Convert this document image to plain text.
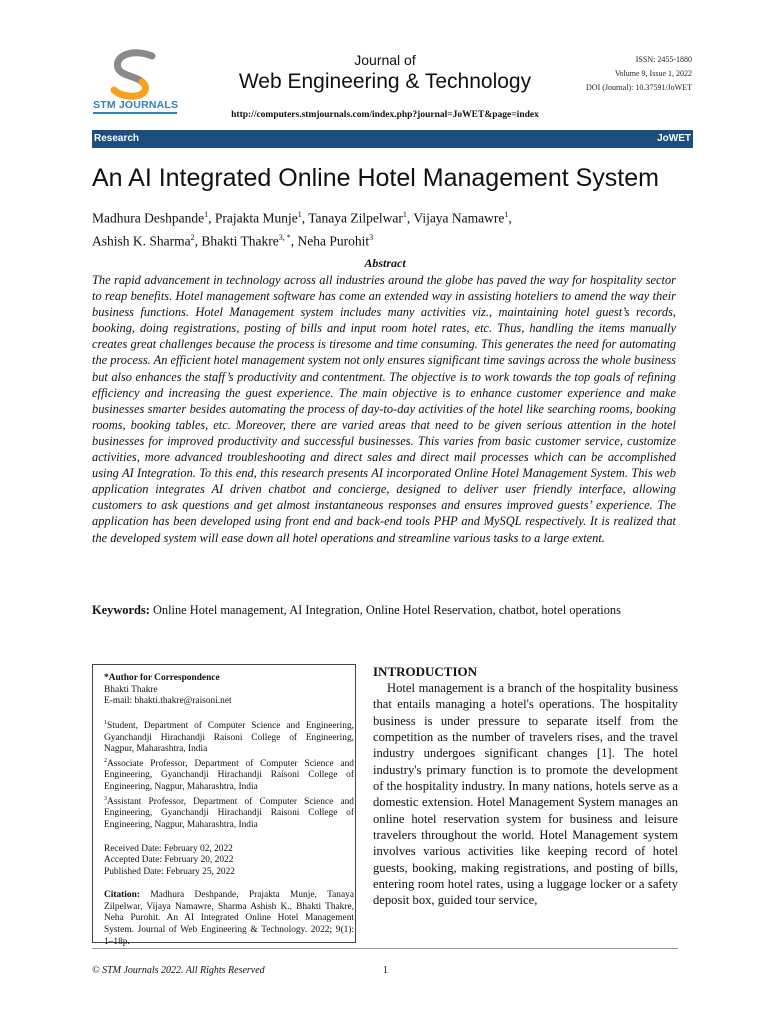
STM JOURNALS
Journal of
Web Engineering & Technology
ISSN: 2455-1880
Volume 9, Issue 1, 2022
DOI (Journal): 10.37591/JoWET
http://computers.stmjournals.com/index.php?journal=JoWET&page=index
Research	JoWET
An AI Integrated Online Hotel Management System
Madhura Deshpande$^1$, Prajakta Munje$^1$, Tanaya Zilpelwar$^1$, Vijaya Namawre$^1$,
Ashish K. Sharma$^2$, Bhakti Thakre$^{3, *}$, Neha Purohit$^3$
Abstract
The rapid advancement in technology across all industries around the globe has paved the way for hospitality sector to reap benefits. Hotel management software has come an extended way in assisting hoteliers to amend the way their business functions. Hotel Management system includes many activities viz., maintaining hotel guest’s records, booking, doing registrations, posting of bills and input room hotel rates, etc. Thus, handling the items manually creates great challenges because the process is tiresome and time consuming. This generates the need for automating the process. An efficient hotel management system not only ensures significant time savings across the whole business but also enhances the staff’s productivity and contentment. The objective is to work towards the top goals of refining efficiency and increasing the guest experience. The main objective is to enhance customer experience and make businesses smarter besides automating the process of day-to-day activities of the hotel like searching rooms, booking rooms, booking tables, etc. Moreover, there are varied areas that need to be given serious attention in the hotel businesses for improved productivity and successful businesses. This varies from basic customer service, customize activities, more advanced troubleshooting and direct sales and direct mail processes which can be accomplished using AI Integration. To this end, this research presents AI incorporated Online Hotel Management System. This web application integrates AI driven chatbot and concierge, designed to deliver user friendly interface, allowing customers to ask questions and get almost instantaneous responses and ensures improved guests’ experience. The application has been developed using front end and back-end tools PHP and MySQL respectively. It is realized that the developed system will ease down all hotel operations and streamline various tasks to a large extent.
Keywords: Online Hotel management, AI Integration, Online Hotel Reservation, chatbot, hotel operations

*Author for Correspondence

Bhakti Thakre

E-mail: bhakti.thakre@raisoni.net

$^1$Student, Department of Computer Science and Engineering, Gyanchandji Hirachandji Raisoni College of Engineering, Nagpur, Maharashtra, India

$^2$Associate Professor, Department of Computer Science and Engineering, Gyanchandji Hirachandji Raisoni College of Engineering, Nagpur, Maharashtra, India

$^3$Assistant Professor, Department of Computer Science and Engineering, Gyanchandji Hirachandji Raisoni College of Engineering, Nagpur, Maharashtra, India

Received Date: February 02, 2022

Accepted Date: February 20, 2022

Published Date: February 25, 2022

Citation: Madhura Deshpande, Prajakta Munje, Tanaya Zilpelwar, Vijaya Namawre, Sharma Ashish K., Bhakti Thakre, Neha Purohit. An AI Integrated Online Hotel Management System. Journal of Web Engineering & Technology. 2022; 9(1): 1–18p.

INTRODUCTION
Hotel management is a branch of the hospitality business that entails managing a hotel's operations. The hospitality business is under pressure to separate itself from the competition as the number of travelers rises, and the travel industry undergoes significant changes [1]. The hotel industry's primary function is to promote the development of the hospitality industry. In many nations, hotels serve as a domestic extension. Hotel Management System manages an online hotel reservation system for business and leisure travelers throughout the world. Hotel Management system involves various activities like keeping record of hotel guests, booking, making registrations, and posting of bills, entering room hotel rates, using a luggage locker or a safety deposit box, guided tour service,
© STM Journals 2022. All Rights Reserved	1
